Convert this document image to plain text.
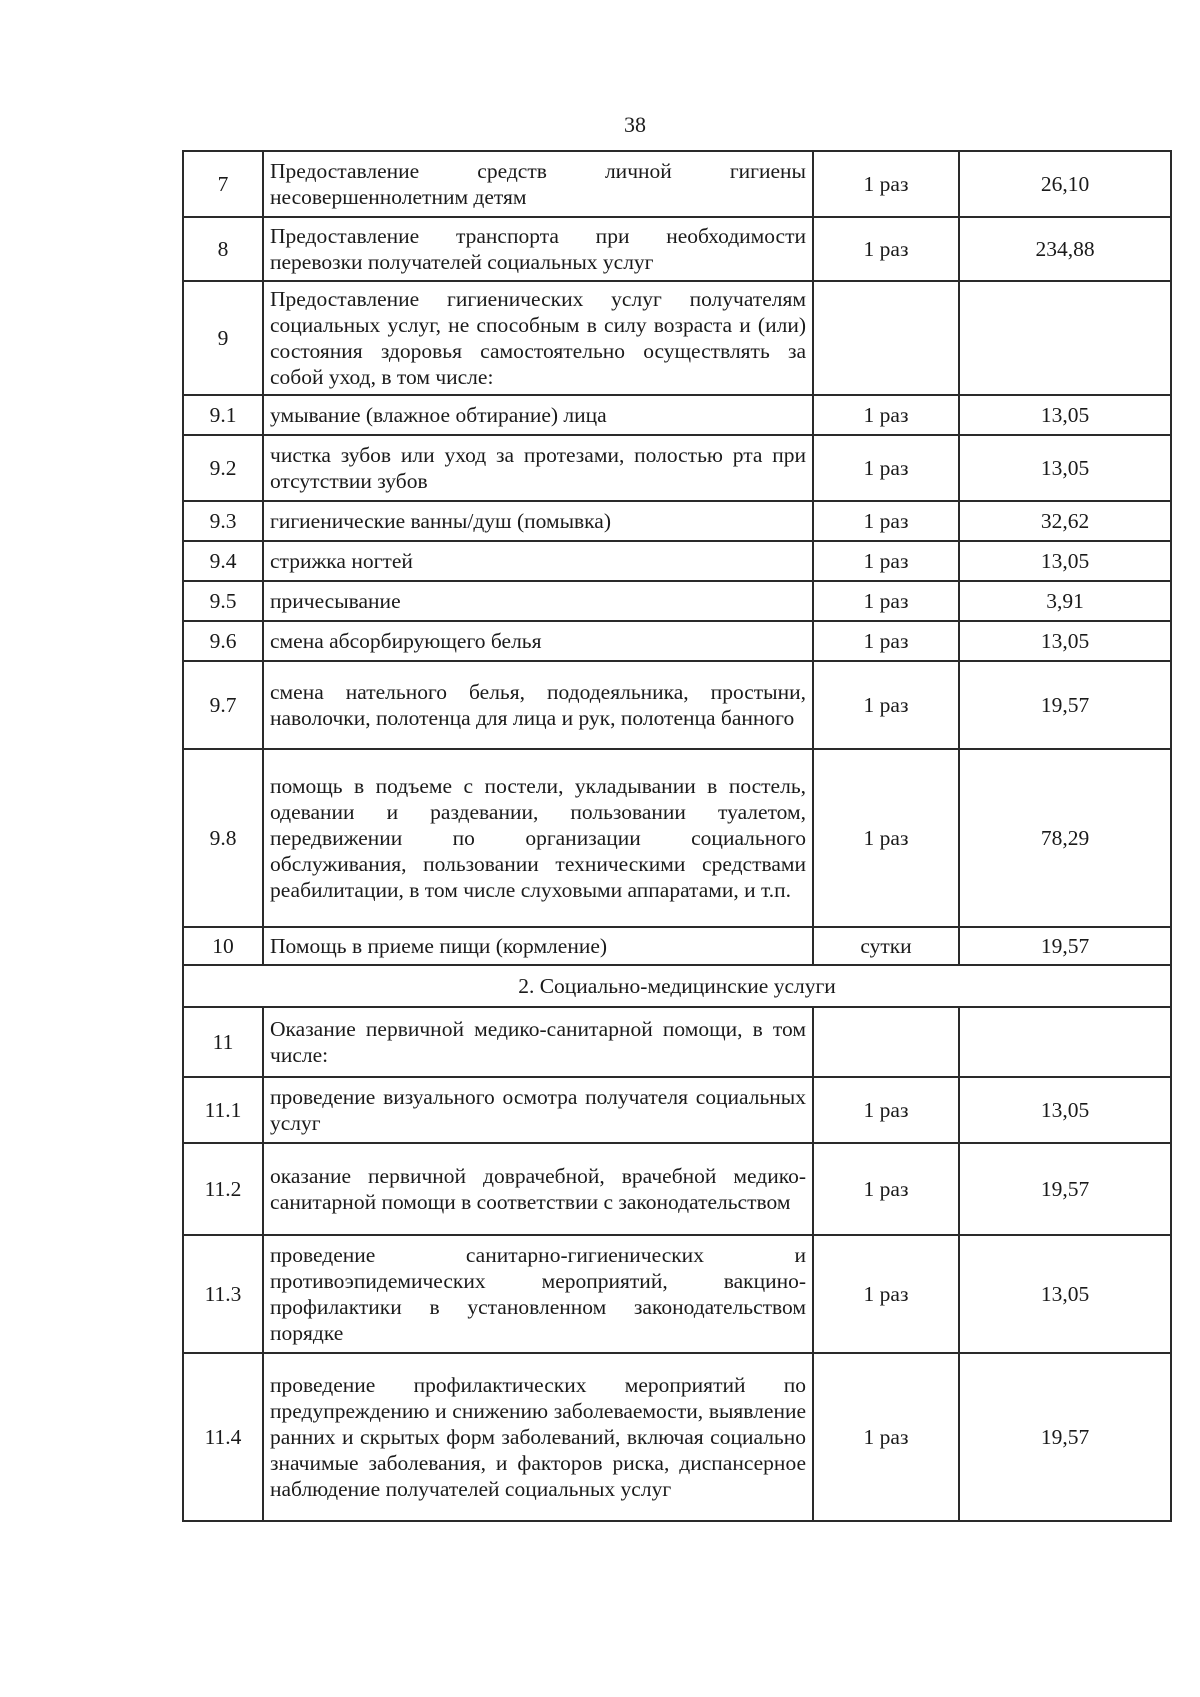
38
7	Предоставление средств личной гигиены несовершеннолетним детям	1 раз	26,10
8	Предоставление транспорта при необходимости перевозки получателей социальных услуг	1 раз	234,88
9	Предоставление гигиенических услуг получателям социальных услуг, не способным в силу возраста и (или) состояния здоровья самостоятельно осуществлять за собой уход, в том числе:		
9.1	умывание (влажное обтирание) лица	1 раз	13,05
9.2	чистка зубов или уход за протезами, полостью рта при отсутствии зубов	1 раз	13,05
9.3	гигиенические ванны/душ (помывка)	1 раз	32,62
9.4	стрижка ногтей	1 раз	13,05
9.5	причесывание	1 раз	3,91
9.6	смена абсорбирующего белья	1 раз	13,05
9.7	смена нательного белья, пододеяльника, простыни, наволочки, полотенца для лица и рук, полотенца банного	1 раз	19,57
9.8	помощь в подъеме с постели, укладывании в постель, одевании и раздевании, пользовании туалетом, передвижении по организации социального обслуживания, пользовании техническими средствами реабилитации, в том числе слуховыми аппаратами, и т.п.	1 раз	78,29
10	Помощь в приеме пищи (кормление)	сутки	19,57
2. Социально-медицинские услуги			
11	Оказание первичной медико-санитарной помощи, в том числе:		
11.1	проведение визуального осмотра получателя социальных услуг	1 раз	13,05
11.2	оказание первичной доврачебной, врачебной медико-санитарной помощи в соответствии с законодательством	1 раз	19,57
11.3	проведение санитарно-гигиенических и противоэпидемических мероприятий, вакцино-профилактики в установленном законодательством порядке	1 раз	13,05
11.4	проведение профилактических мероприятий по предупреждению и снижению заболеваемости, выявление ранних и скрытых форм заболеваний, включая социально значимые заболевания, и факторов риска, диспансерное наблюдение получателей социальных услуг	1 раз	19,57
